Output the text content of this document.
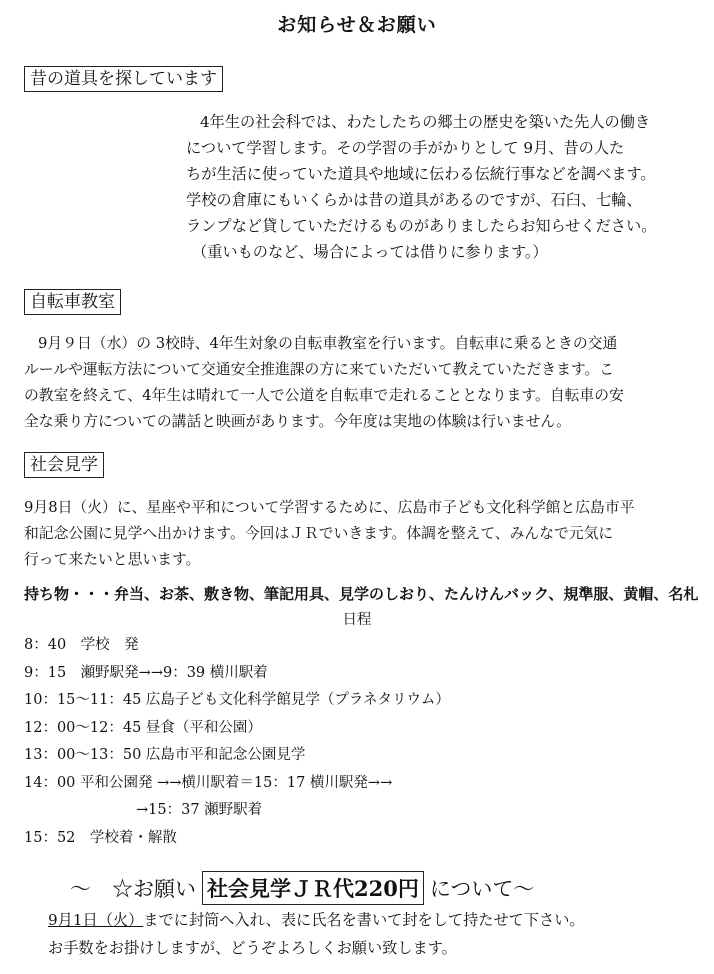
お知らせ＆お願い
昔の道具を探しています
4年生の社会科では、わたしたちの郷土の歴史を築いた先人の働き
について学習します。その学習の手がかりとして 9月、昔の人た
ちが生活に使っていた道具や地域に伝わる伝統行事などを調べます。
学校の倉庫にもいくらかは昔の道具があるのですが、石臼、七輪、
ランプなど貸していただけるものがありましたらお知らせください。
（重いものなど、場合によっては借りに参ります。）
自転車教室
9月９日（水）の 3校時、4年生対象の自転車教室を行います。自転車に乗るときの交通
ルールや運転方法について交通安全推進課の方に来ていただいて教えていただきます。こ
の教室を終えて、4年生は晴れて一人で公道を自転車で走れることとなります。自転車の安
全な乗り方についての講話と映画があります。今年度は実地の体験は行いません。
社会見学
9月8日（火）に、星座や平和について学習するために、広島市子ども文化科学館と広島市平
和記念公園に見学へ出かけます。今回はＪＲでいきます。体調を整えて、みんなで元気に
行って来たいと思います。
持ち物・・・弁当、お茶、敷き物、筆記用具、見学のしおり、たんけんバック、規準服、黄帽、名札
日程
8：40　学校　発
9：15　瀬野駅発→→9：39 横川駅着
10：15～11：45 広島子ども文化科学館見学（プラネタリウム）
12：00～12：45 昼食（平和公園）
13：00～13：50 広島市平和記念公園見学
14：00 平和公園発 →→横川駅着＝15：17 横川駅発→→
→15：37 瀬野駅着
15：52　学校着・解散
～　☆お願い 社会見学ＪＲ代220円 について～
9月1日（火）までに封筒へ入れ、表に氏名を書いて封をして持たせて下さい。
お手数をお掛けしますが、どうぞよろしくお願い致します。
